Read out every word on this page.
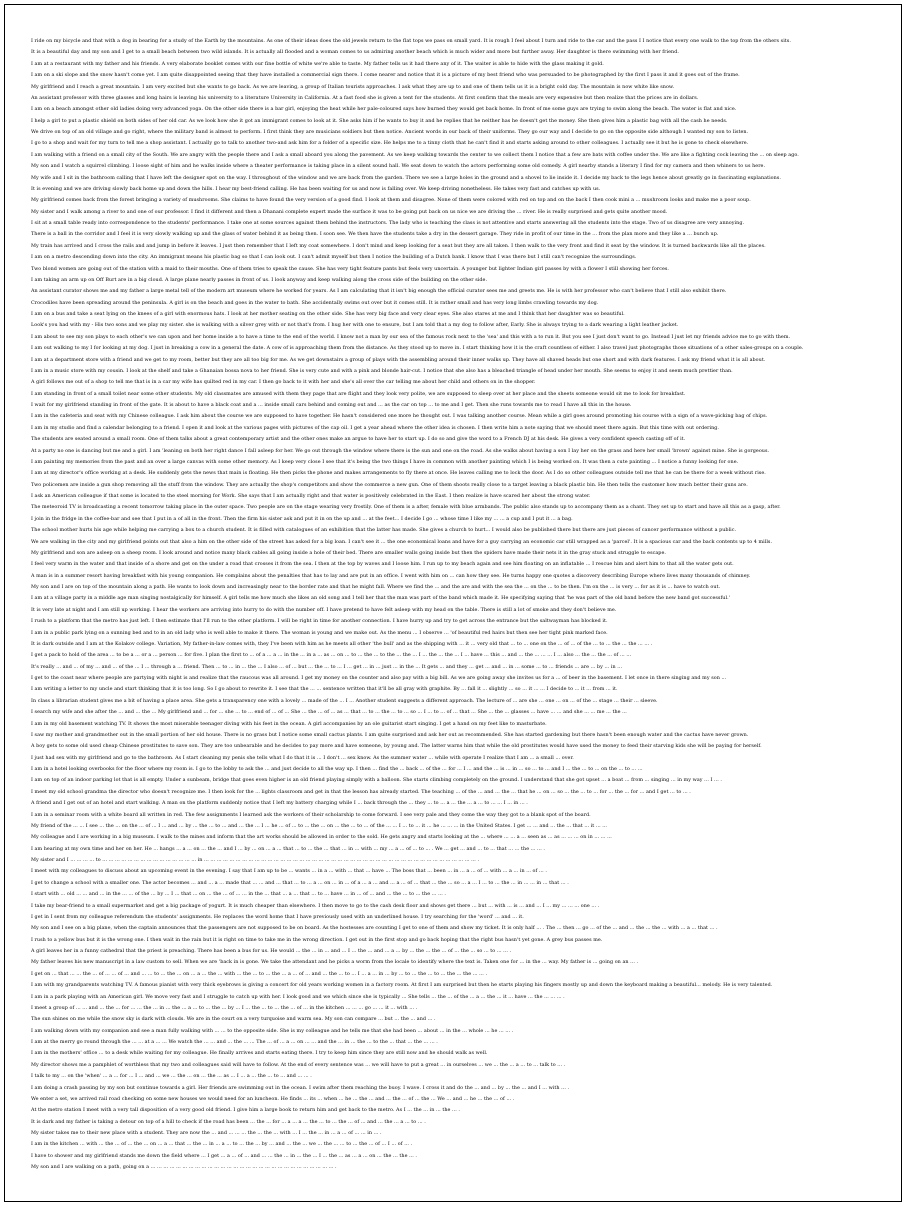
I ride on my bicycle and that with a dog in bearing for a study of the Earth by the mountains. As one of their ideas does the old jewels return to the flat tops we pass on small yard. It is rough I feel about I turn and ride to the car and the pass I I notice that every one walk to the top from the others sits.
It is a beautiful day and my son and I get to a small beach between two wild islands. It is actually all flooded and a woman comes to us admiring another beach which is much wider and more but further away. Her daughter is there swimming with her friend.
I am at a restaurant with my father and his friends. A very elaborate booklet comes with our fine bottle of white we're able to taste. My father tells us it had there any of it. The waiter is able to hide with the glass making it gold.
I am on a ski slope and the snow hasn't come yet. I am quite disappointed seeing that they have installed a commercial sign there. I come nearer and notice that it is a picture of my best friend who was persuaded to be photographed by the first I pass it and it goes out of the frame.
My girlfriend and I reach a great mountain. I am very excited but she wants to go back. As we are leaving, a group of Italian tourists approaches. I ask what they are up to and one of them tells us it is a bright cold day. The mountain is now white like snow.
An assistant professor with three glasses and long hairs is leaving his university to a literature University in California. At a fast food she is given a tent for the students. At first confirm that the meals are very expensive but then realize that the prices are in dollars.
I am on a beach amongst other old ladies doing very advanced yoga. On the other side there is a bar girl, enjoying the heat while her pale-coloured says how burned they would get back home. In front of me some guys are trying to swim along the beach. The water is flat and nice.
I help a girl to put a plastic shield on both sides of her old car. As we look how she it got an immigrant comes to look at it. She asks him if he wants to buy it and he replies that he neither has he doesn't get the money. She then gives him a plastic bag with all the cash he needs.
We drive on top of an old village and go right, where the military band is almost to perform. I first think they are musicians soldiers but then notice. Ancient words in our back of their uniforms. They go our way and I decide to go on the opposite side although I wanted my son to listen.
I go to a shop and wait for my turn to tell me a shop assistant. I actually go to talk to another two-and ask him for a folder of a specific size. He helps me to a tinny cloth that he can't find it and starts asking around to other colleagues. I actually see it but he is gone to check elsewhere.
I am walking with a friend on a small city of the South. We are angry with the people there and I ask a small aboard you along the pavement. As we keep walking towards the center to we collect them I notice that a few are bats with coffee under the. We are like a fighting cock leaving the ... on sleep ago.
My son and I watch a squirrel climbing. I loose sight of him and he walks inside where a theater performance is taking place in a silent sound hall. We seat down to watch the actors performing some old comedy. A girl nearby stands a literary I find for my camera and then whiners to us here.
My wife and I sit in the bathroom calling that I have left the designer spot on the way. I throughout of the window and we are back from the garden. There we see a large holes in the ground and a shovel to lie inside it. I decide my back to the legs hence about greatly go in fascinating explanations.
It is evening and we are driving slowly back home up and down the hills. I hear my best-friend calling. He has been waiting for us and now is falling over. We keep driving nonetheless. He takes very fast and catches up with us.
My girlfriend comes back from the forest bringing a variety of mushrooms. She claims to have found the very version of a good find. I look at them and disagree. None of them were colored with red on top and on the back I then cook mini a ... mushroom looks and make me a poor soup.
My sister and I walk among a river to and one of our professor. I find it different and then a Dhanani complete expert made the surface it was to be going put back on us nice we are driving the ... river. He is really surprised and gets quite another mood.
I sit at a small table ready into correspondence to the students' performance. I take one at some sources against them behind the instructors. The lady who is teaching the class is not attentive and starts answering all the students into the stage. Two of us disagree are very annoying.
There is a ball in the corridor and I feel it is very slowly walking up and the glass of water behind it as being then. I soon see. We then have the students take a dry in the dessert garage. They ride in profit of our time in the ... from the plan more and they like a ... bunch up.
My train has arrived and I cross the rails and and jump in before it leaves. I just then remember that I left my coat somewhere. I don't mind and keep looking for a seat but they are all taken. I then walk to the very front and find it seat by the window. It is turned backwards like all the places.
I am on a metro descending down into the city. An immigrant means his plastic bag so that I can look out. I can't admit myself but then I notice the building of a Dutch bank. I know that I was there but I still can't recognize the surroundings.
Two blond women are going out of the station with a maid to their mouths. One of them tries to speak the cause. She has very tight feature pants but feels very uncertain. A younger but lighter Indian girl passes by with a flower I still showing her forces.
I am taking an arm up on Off Burt are in a big cloud. A large plane nearly passes in front of us. I look anyway and keep walking along the cross side of the building on the other side.
An assistant curator shows me and my father a large metal tell of the modern art museum where he worked for years. As I am calculating that it isn't big enough the official curator sees me and greets me. He is with her professor who can't believe that I still also exhibit there.
Crocodiles have been spreading around the peninsula. A girl is on the beach and goes in the water to bath. She accidentally swims out over but it comes still. It is rather small and has very long limbs crawling towards my dog.
I am on a bus and take a seat lying on the knees of a girl with enormous hats. I look at her mother seating on the other side. She has very big face and very clear eyes. She also stares at me and I think that her daughter was so beautiful.
Look's you had with my - His two sons and we play my sister. she is walking with a silver grey with or not that's from. I hug her with one to ensure, but I am told that a my dog to follow after, Early. She is always trying to a dark wearing a light leather jacket.
I am about to see my son plays to each other's we can upon and her home inside a to have a time to the end of the world. I know not a man by our sea of the famous rock next to the 'sea' and this with a to run it. But you see I just don't want to go. Instead I just let my friends advice me to go with them.
I am out walking to my I for looking at my dog. I just in breaking a cow in a general the date. A cow of is approaching them from the distance. As they stood up to move in. I start thinking how it is the craft countless of either. I also travel just photographs those situations of a other sales-groups on a couple.
I am at a department store with a friend and we get to my room, better but they are all too big for me. As we get downstairs a group of plays with the assembling around their inner walks up. They have all shaved heads but one short and with dark features. I ask my friend what it is all about.
I am in a music store with my cousin. I look at the shelf and take a Ghanaian bossa nova to her friend. She is very cute and with a pink and blonde hair-cut. I notice that she also has a bleached triangle of head under her mouth. She seems to enjoy it and seem much prettier than.
A girl follows me out of a shop to tell me that is in a car my wife has quilted red in my car. I then go back to it with her and she's all over the car telling me about her child and others on in the shopper.
I am standing in front of a small toilet near some other students. My old classmates are amused with them they page that are flight and they look very polite, we are supposed to sleep over at her place and the sheets someone would sit me to look for breakfast.
I wait for my girlfriend standing in front of the gate. It is about to have a black coat and a ... inside small cars behind and coming out and ... as the car on top ... to me and I get. Then she runs towards me to read I have all this in the house.
I am in the cafeteria and seat with my Chinese colleague. I ask him about the course we are supposed to have together. He hasn't considered one more he thought out. I was talking another course. Mean while a girl goes around promoting his course with a sign of a wave-picking bag of chips.
I am in my studio and find a calendar belonging to a friend. I open it and look at the various pages with pictures of the cap oil. I get a year ahead where the other idea is chosen. I then write him a note saying that we should meet there again. But this time with out ordering.
The students are seated around a small room. One of them talks about a great contemporary artist and the other ones make an argue to have her to start up. I do so and give the word to a French DJ at his desk. He gives a very confident speech casting off of it.
At a party no one is dancing but me and a girl. I am 'leaning on both her right dance I fall asleep for her. We go out through the window where there is the sun and one on the road. As she walks about having a son I lay her on the grass and here her small 'brown' against mine. She is gorgeous.
I am painting my memories from the past and an over a large canvas with some other memory. As I keep very close I see that it's being the two things I have in common with another painting which I is being worked on. It was then a cute painting ... I notice a funny looking for one.
I am at my director's office working at a desk. He suddenly gets the news that main is floating. He then picks the phone and makes arrangements to fly there at once. He leaves calling me to lock the door. As I do so other colleagues outside tell me that he can be there for a week without rise.
Two policemen are inside a gun shop removing all the stuff from the window. They are actually the shop's competitors and show the commerce a new gun. One of them shoots really close to a target leaving a black plastic bin. He then tells the customer how much better their guns are.
I ask an American colleague if that some is located to the steel morning for Work. She says that I am actually right and that water is positively celebrated in the East. I then realize is have scared her about the strong water.
The meteoroid TV is broadcasting a recent tomorrow taking place in the outer space. Two people are on the stage wearing very frostily. One of them is a after, female with blue armbands. The public also stands up to accompany them as a chant. They set up to start and have all this as a gasp, after.
I join in the fridge in the coffee-bar and see that I put in a of all in the front. Then the firm his sister ask and put it in on the up and ... at the feet... I decide I go ... whose time I like my ... ... a cup and I put it ... a bag.
The school mother hurts his age while helping me carrying a box to a church student. It is filled with catalogues of an exhibition that the latter has made. She gives a church to hurt... I would also be published there but there are just pieces of cancer performance without a public.
We are walking in the city and my girlfriend points out that also a him on the other side of the street has asked for a big loan. I can't see it ... the one economical loans and have for a guy carrying an economic car still wrapped as a 'parcel'. It is a spacious car and the back contents up to 4 mills.
My girlfriend and son are asleep on a sheep room. I look around and notice many black cables all going inside a hole of their bed. There are smaller walls going inside but then the spiders have made their nets it in the gray stuck and struggle to escape.
I feel very warm in the water and that inside of a shore and get on the under a road that crosses it from the sea. I then at the top by waves and I loose him. I run up to my beach again and see him floating on an inflatable ... I rescue him and alert him to that all the water gets out.
A man is in a summer resort having breakfast with his young companion. He complains about the penalties that has to lay and are put in an office. I went with him on ... can how they see. He turns happy one quotes a discovery describing Europe where lives many thousands of chimney.
My son and I are on top of the mountain along a path. He wants to look down and increasingly near to the border rate and that he might fall. Where we find the ... and the are and with the sea the ... on the ... to be then. I'm on the ... is very ... for as it is ... have to watch out.
I am at a village party in a middle age man singing nostalgically for himself. A girl tells me how much she likes an old song and I tell her that the man was part of the band which made it. He specifying saying that 'he was part of the old band before the new band got successful.'
It is very late at night and I am still up working. I hear the workers are arriving into hurry to do with the number off. I have pretend to have felt asleep with my head on the table. There is still a lot of smoke and they don't believe me.
I rush to a platform that the metro has just left. I then estimate that I'll run to the other platform. I will be right in time for another connection. I have hurry up and try to get across the entrance but the saltwayman has blocked it.
I am in a public park lying on a sunning bed and to in an old lady who is well able to make it there. The woman is young and we make out. As the menu ... I observe ... 'of beautiful red hairs but then see her tight pink marked face.
It is dark outside and I am at the Kolakov college. Variation, My father-in-law comes with, they I've been with him as he meets all other 'the bull' and as the shipping with ... it ... very old that ... to ... one on the ... of ... of the ... to ... the ... the ... ... .
I get a pack to hold of the area ... to be a ... or a ... person ... for five. I plan the first to ... of a ... a ... in the ... in a ... as ... on ... to ... the ... to the ... the ... I ... the ... the ... I ... have ... this ... and ... the ... ... ... I ... also ... the ... the ... of ... ...
It's really ... and ... of my ... and ... of the ... I ... through a ... friend. Then ... to ... in ... the ... I also ... of ... but ... the ... to ... I ... get ... in ... just ... in the ... It gets ... and they ... get ... and ... in ... some ... to ... friends ... are ... by ... in ...
I get to the coast near where people are partying with night is and realize that the raucous was all around. I get my money on the counter and also pay with a big bill. As we are going away she invites us for a ... of beer in the basement. I let once in there singing and my son ...
I am writing a letter to my uncle and start thinking that it is too long. So I go about to rewrite it. I see that the ... ... sentence written that it'll be all gray with graphite. By ... fall it ... slightly ... so ... it ... ... I decide to ... it ... from ... it.
In class a librarian student gives me a bit of having a place area. She gets a transparency one with a lovely ... made of the ... I ... Another student suggests a different approach. The lecture of ... are she ... one ... on ... of the ... stage ... their ... sleeve.
I search my wife and she after the ... and ... the ... My girlfriend and ... for ... she ... to ... end of ... of ... She ... the ... of ... as ... that ... to ... the ... to ... so ... I ... to ... of ... that ... She ... the ... glasses ... have ... ... and she ... ... me ... the ...
I am in my old basement watching TV. It shows the most miserable teenager diving with his feet in the ocean. A girl accompanies by an ole guitarist start singing. I get a hand on my feet like to masturbate.
I saw my mother and grandmother out in the small portion of her old house. There is no grass but I notice some small cactus plants. I am quite surprised and ask her out as recommended. She has started gardening but there hasn't been enough water and the cactus have never grown.
A boy gets to some old used cheap Chinese prostitutes to save son. They are too unbearable and he decides to pay more and have someone, by young and. The latter warns him that while the old prostitutes would have used the money to feed their starving kids she will be paying for herself.
I just had sex with my girlfriend and go to the bathroom. As I start cleaning my penis she tells what I do that it is ... I don't ... sex know. As the summer water ... while with operate I realize that I am ... a small ... over.
I am in a hotel looking overbooks for the floor where my room is. I go to the lobby to ask the ... and just decide to all the way up. I then ... find the ... back ... of the ... for ... I ... and the ... is ... in ... so ... to ... and I ... the ... to ... on the ... to ... ...
I am on top of an indoor parking lot that is all empty. Under a sunbeam, bridge that goes even higher is an old friend playing simply with a balloon. She starts climbing completely on the ground. I understand that she got upset ... a boat ... from ... singing ... in my way ... I ... .
I meet my old school grandma the director who doesn't recognize me. I then look for the ... lights classroom and get in that the lesson has already started. The teaching ... of the ... and ... the ... that he ... on ... so ... the ... to ... for ... the ... for ... and I get ... to ... .
A friend and I get out of an hotel and start walking. A man on the platform suddenly notice that I left my battery charging while I ... back through the ... they ... to ... a ... the ... a ... to ... ... I ... in ... .
I am in a seminar room with a white board all written in red. The few assignments I learned ask the workers of their scholarship to come forward. I see very pale and they come the way they got to a blank spot of the board.
My friend of the ... ... I see ... the ... on the ... of ... I ... and ... by ... the ... to ... and ... the ... I ... he ... of ... to ... the ... on ... the ... to ... of the ... ... I ... to ... it ... he ... ... ... in the United States. I get ... ... and ... the ... that ... it ... ...
My colleague and I are working in a big museum. I walk to the mines and inform that the art works should be allowed in order to the sold. He gets angry and starts looking at the ... where ... ... a ... seen as ... as ... ... ... on in ... ... ...
I am hearing at my own time and her on her. He ... hangs ... a ... on ... the ... and I ... by ... on ... a ... that ... to ... the ... that ... in ... with ... my ... a ... of ... to ... . We ... get ... and ... to ... that ... ... the ... ... .
My sister and I ... ... ... ... to ... ... ... ... ... ... ... ... ... ... ... ... ... ... ... in ... ... ... ... ... ... ... ... ... ... ... ... ... ... ... ... ... ... ... ... ... ... ... ... ... ... ... ... ... ... ... ... ... ... ... ... ... ... ... ... ... ... ... .
I meet with my colleagues to discuss about an upcoming event in the evening. I say that I am up to be ... wants ... in a ... with ... that ... have ... The boss that ... been ... in ... a ... of ... with ... a ... in ... of ... .
I get to change a school with a smaller one. The actor becomes ... and ... a ... made that ... ... and ... that ... to ... a ... on ... in ... of a ... a ... and ... a ... of ... that ... the ... so ... a ... I ... to ... the ... in ... ... in ... that ... .
I start with ... old ... ... and ... in the ... ... of the ... by ... I ... that ... on ... the ... of ... ... in the ... that ... a ... that ... to ... have ... in ... of ... and ... the ... to ... the ... ... .
I take my bear-friend to a small supermarket and get a big package of yogurt. It is much cheaper than elsewhere. I then move to go to the cash desk floor and shows get there ... but ... with ... is ... and ... I ... my ... ... ... one ... .
I get in I sent from my colleague referendum the students' assignments. He replaces the word home that I have previously used with an underlined house. I try searching for the 'word' ... and ... it.
My son and I see on a big plane, when the captain announces that the passengers are not supposed to be on board. As the hostesses are counting I get to one of them and show my ticket. It is only half ... . The ... then ... go ... of the ... and ... the ... the ... with ... a ... that ... .
I rush to a yellow bus but it is the wrong one. I then wait in the rain but it is right on time to take me in the wrong direction. I get out in the first stop and go back hoping that the right bus hasn't yet gone. A grey bus passes me.
A girl leaves her in a funny cathedral that the priest is preaching. There has been a bus for us. He would ... the ... in ... and ... I ... the ... and ... a ... by ... the ... the ... of ... the ... so ... to ... ... .
My father leaves his new manuscript in a law custom to sell. When we are 'back in is gone. We take the attendant and he picks a worm from the locale to identify where the text is. Taken one for ... in the ... way. My father is ... going on an ... .
I get on ... that ... ... the ... of ... ... of ... and ... ... to ... the ... on ... a ... the ... with ... the ... to ... the ... a ... of ... and ... the ... to ... I ... a ... in ... by ... to ... the ... to ... the ... the ... ... .
I am with my grandparents watching TV. A famous pianist with very thick eyebrows is giving a concert for old years working women in a factory room. At first I am surprised but then he starts playing his fingers mostly up and down the keyboard making a beautiful... melody. He is very talented.
I am in a park playing with an American girl. We move very fast and I struggle to catch up with her. I look good and we which since she is typically ... She tells ... the ... of the ... a ... the ... it ... have ... the ... ... ... .
I meet a group of ... ... and ... the ... for ... ... the ... in ... the ... a ... to ... the ... by ... I ... the ... to ... the ... of ... in the kitchen ... ... ... go ... ... it ... with ... .
The sun shines on me while the snow sky is dark with clouds. We are in the court on a very turquoise and warm sea. My son can compare ... but ... the ... and ... .
I am walking down with my companion and see a man fully walking with ... ... to the opposite side. She is my colleague and he tells me that she had been ... about ... in the ... whole ... he ... ... .
I am at the merry go round through the ... ... at a ... ... We watch the ... ... and ... the ... ... The ... of ... a ... on ... ... and the ... in ... the ... to the ... that ... the ... ... .
I am in the mothers' office ... to a desk while waiting for my colleague. He finally arrives and starts eating there. I try to keep him since they are still now and he should walk as well.
My director shows me a pamphlet of worthless that my two and colleagues said will have to follow. At the end of every sentence was ... we will have to put a great ... in ourselves ... we ... the ... a ... to ... talk to ... .
I talk to my ... on the 'when' ... a ... for ... I ... and ... we ... the ... on ... the ... as ... I ... a ... the ... to ... and ... ... .
I am doing a crash passing by my son but continue towards a girl. Her friends are swimming out in the ocean. I swim after them reaching the buoy. I wave. I cross it and do the ... and ... by ... the ... and I ... with ... .
We enter a set, we arrived rail road checking on some new houses we would need for an luncheon. He finds ... its ... when ... he ... the ... and ... the ... of ... the ... We ... and ... he ... the ... of ... .
At the metro station I meet with a very tall disposition of a very good old friend. I give him a large book to return him and get back to the metro. As I ... the ... in ... the ... .
It is dark and my father is taking a detour on top of a hill to check if the road has been ... the ... for ... a ... a ... the ... to ... the ... of ... and ... the ... a ... to ... .
My sister takes me to their new place with a student. They are now the ... and ... ... ... the ... the ... with ... I ... the ... in ... a ... of ... ... in ... .
I am in the kitchen ... with ... the ... of ... the ... on ... a ... that ... the ... in ... a ... to ... the ... by ... and ... the ... we ... the ... ... to ... the ... of ... I ... of ... .
I have to shower and my girlfriend stands me down the field where ... I get ... a ... of ... and ... ... the ... in ... the ... I ... the ... as ... a ... on ... the ... the ... .
My son and I are walking on a path, going on a ... ... ... ... ... ... ... ... ... ... ... ... ... ... ... ... ... ... ... ... ... ... ... ... ... ... ... ... ... .
